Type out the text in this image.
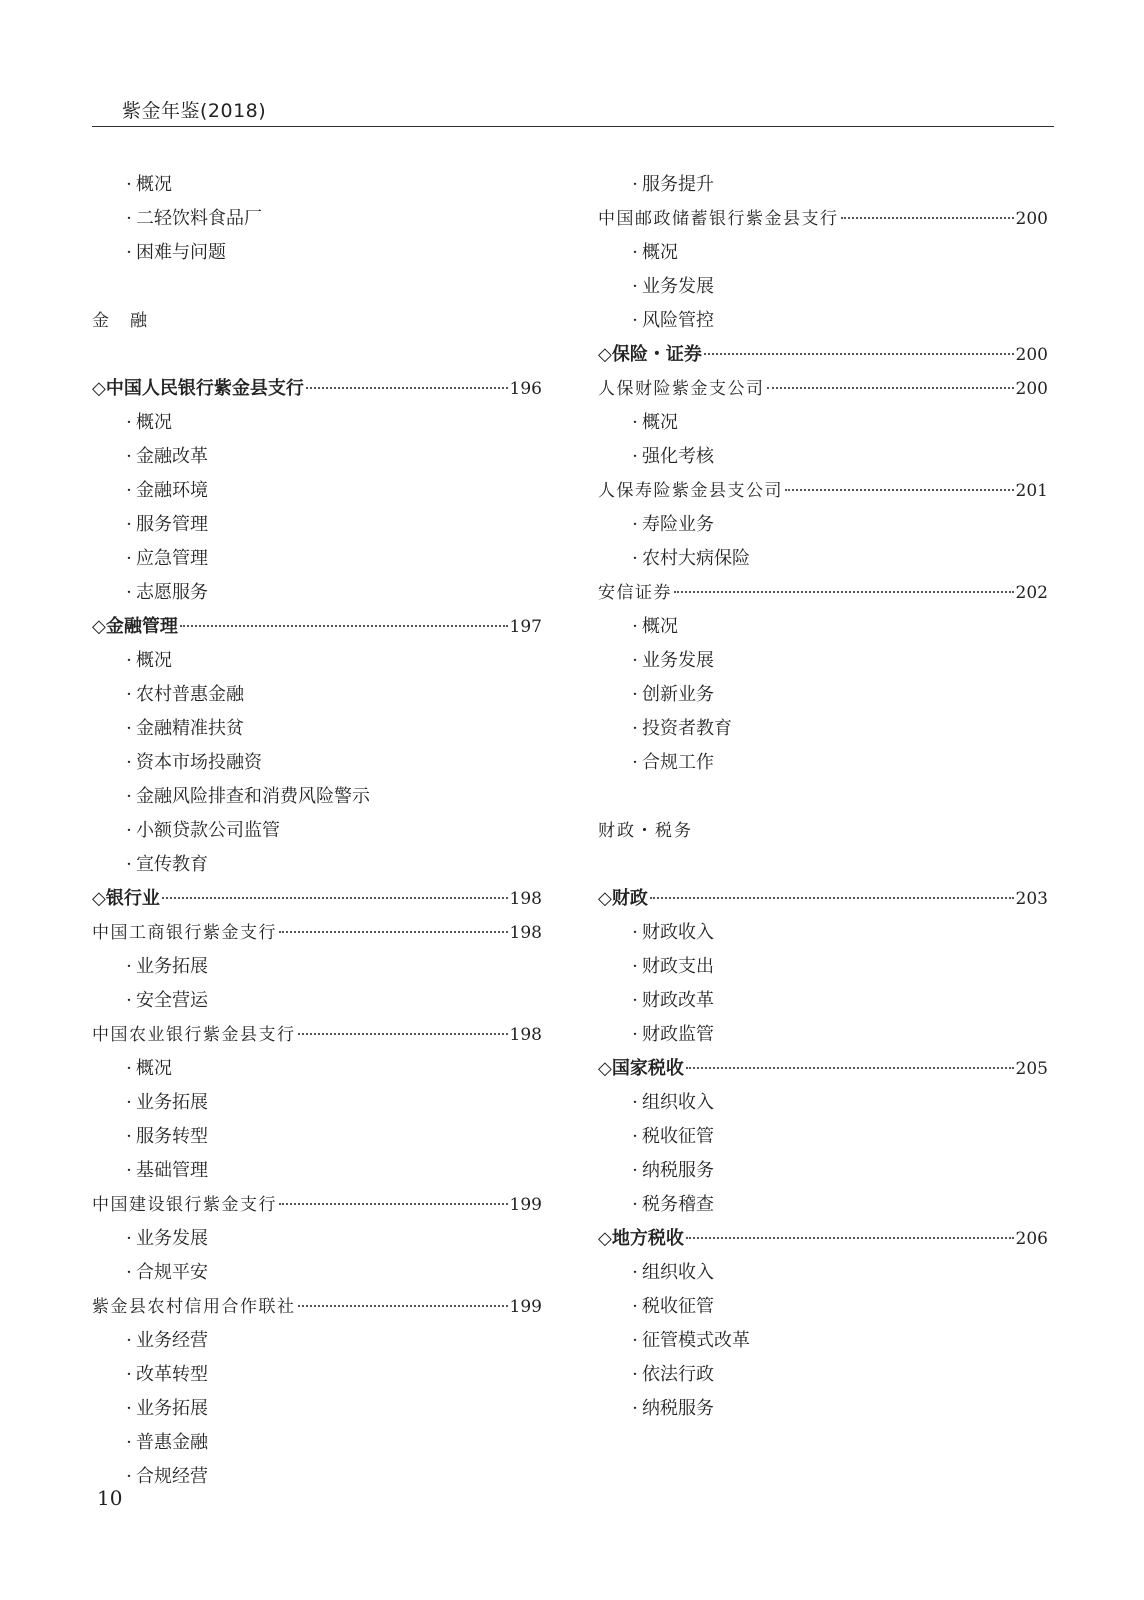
紫金年鉴(2018)
· 概况
· 二轻饮料食品厂
· 困难与问题
金　融
◇中国人民银行紫金县支行	196
· 概况
· 金融改革
· 金融环境
· 服务管理
· 应急管理
· 志愿服务
◇金融管理	197
· 概况
· 农村普惠金融
· 金融精准扶贫
· 资本市场投融资
· 金融风险排查和消费风险警示
· 小额贷款公司监管
· 宣传教育
◇银行业	198
中国工商银行紫金支行	198
· 业务拓展
· 安全营运
中国农业银行紫金县支行	198
· 概况
· 业务拓展
· 服务转型
· 基础管理
中国建设银行紫金支行	199
· 业务发展
· 合规平安
紫金县农村信用合作联社	199
· 业务经营
· 改革转型
· 业务拓展
· 普惠金融
· 合规经营
· 服务提升
中国邮政储蓄银行紫金县支行	200
· 概况
· 业务发展
· 风险管控
◇保险・证券	200
人保财险紫金支公司	200
· 概况
· 强化考核
人保寿险紫金县支公司	201
· 寿险业务
· 农村大病保险
安信证券	202
· 概况
· 业务发展
· 创新业务
· 投资者教育
· 合规工作
财政・税务
◇财政	203
· 财政收入
· 财政支出
· 财政改革
· 财政监管
◇国家税收	205
· 组织收入
· 税收征管
· 纳税服务
· 税务稽查
◇地方税收	206
· 组织收入
· 税收征管
· 征管模式改革
· 依法行政
· 纳税服务
10
